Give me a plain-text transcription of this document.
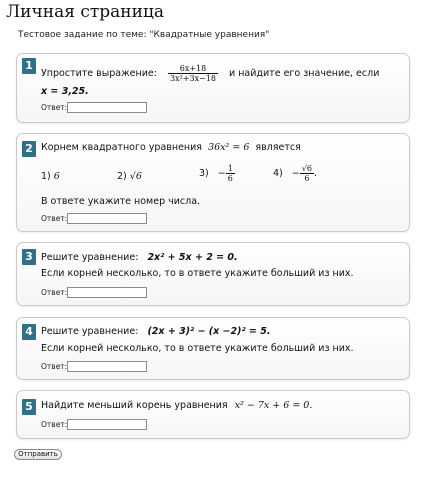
Личная страница
Тестовое задание по теме: "Квадратные уравнения"
1
Упростите выражение: $\frac{6x+18}{\text{3x²+3x−18}}$ и найдите его значение, если
x = 3,25.
Ответ:
2 Корнем квадратного уравнения 36x² = 6 является
1) 6	2) √6	$3) - \frac{1}{6}$	$4) - \frac{√6}{6}$ .
В ответе укажите номер числа.
Ответ:
3 Решите уравнение: 2x² + 5x + 2 = 0.
Если корней несколько, то в ответе укажите больший из них.
Ответ:
4 Решите уравнение: (2x + 3)² − (x −2)² = 5.
Если корней несколько, то в ответе укажите больший из них.
Ответ:
5 Найдите меньший корень уравнения x² − 7x + 6 = 0.
Ответ:
Отправить
